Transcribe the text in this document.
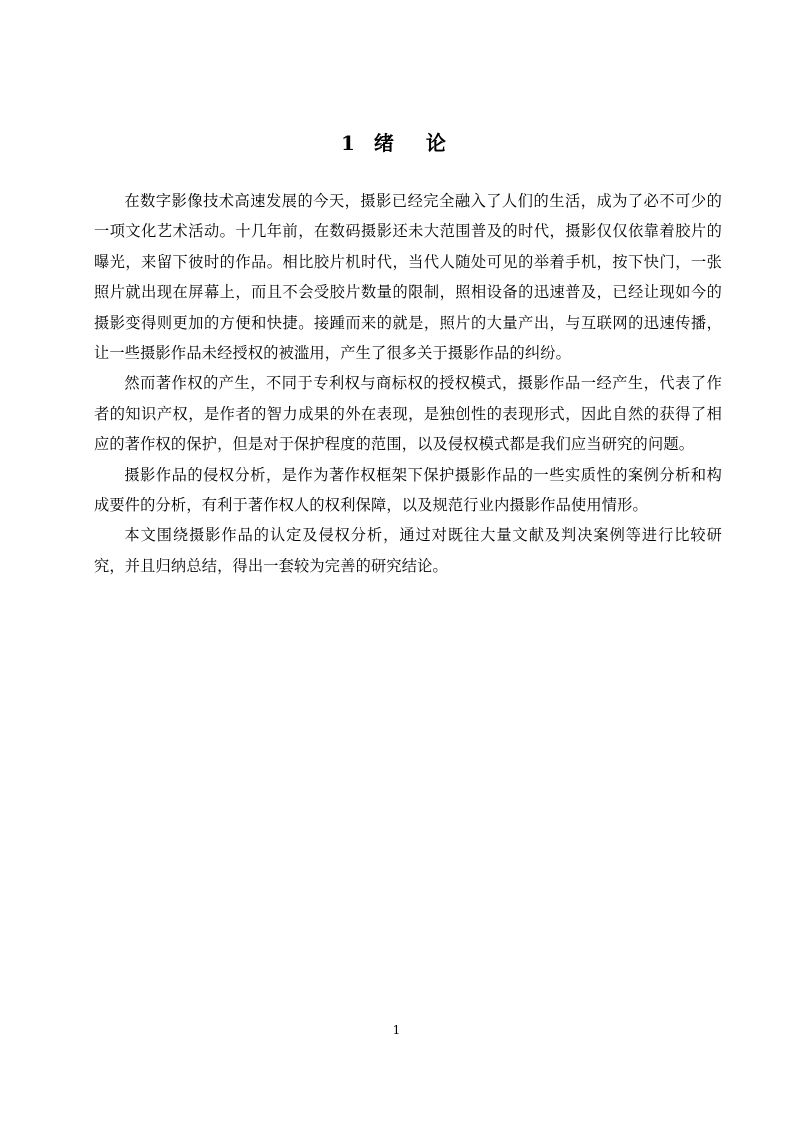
1 绪　论

在数字影像技术高速发展的今天，摄影已经完全融入了人们的生活，成为了必不可少的一项文化艺术活动。十几年前，在数码摄影还未大范围普及的时代，摄影仅仅依靠着胶片的曝光，来留下彼时的作品。相比胶片机时代，当代人随处可见的举着手机，按下快门，一张照片就出现在屏幕上，而且不会受胶片数量的限制，照相设备的迅速普及，已经让现如今的摄影变得则更加的方便和快捷。接踵而来的就是，照片的大量产出，与互联网的迅速传播，让一些摄影作品未经授权的被滥用，产生了很多关于摄影作品的纠纷。

然而著作权的产生，不同于专利权与商标权的授权模式，摄影作品一经产生，代表了作者的知识产权，是作者的智力成果的外在表现，是独创性的表现形式，因此自然的获得了相应的著作权的保护，但是对于保护程度的范围，以及侵权模式都是我们应当研究的问题。

摄影作品的侵权分析，是作为著作权框架下保护摄影作品的一些实质性的案例分析和构成要件的分析，有利于著作权人的权利保障，以及规范行业内摄影作品使用情形。

本文围绕摄影作品的认定及侵权分析，通过对既往大量文献及判决案例等进行比较研究，并且归纳总结，得出一套较为完善的研究结论。

1
